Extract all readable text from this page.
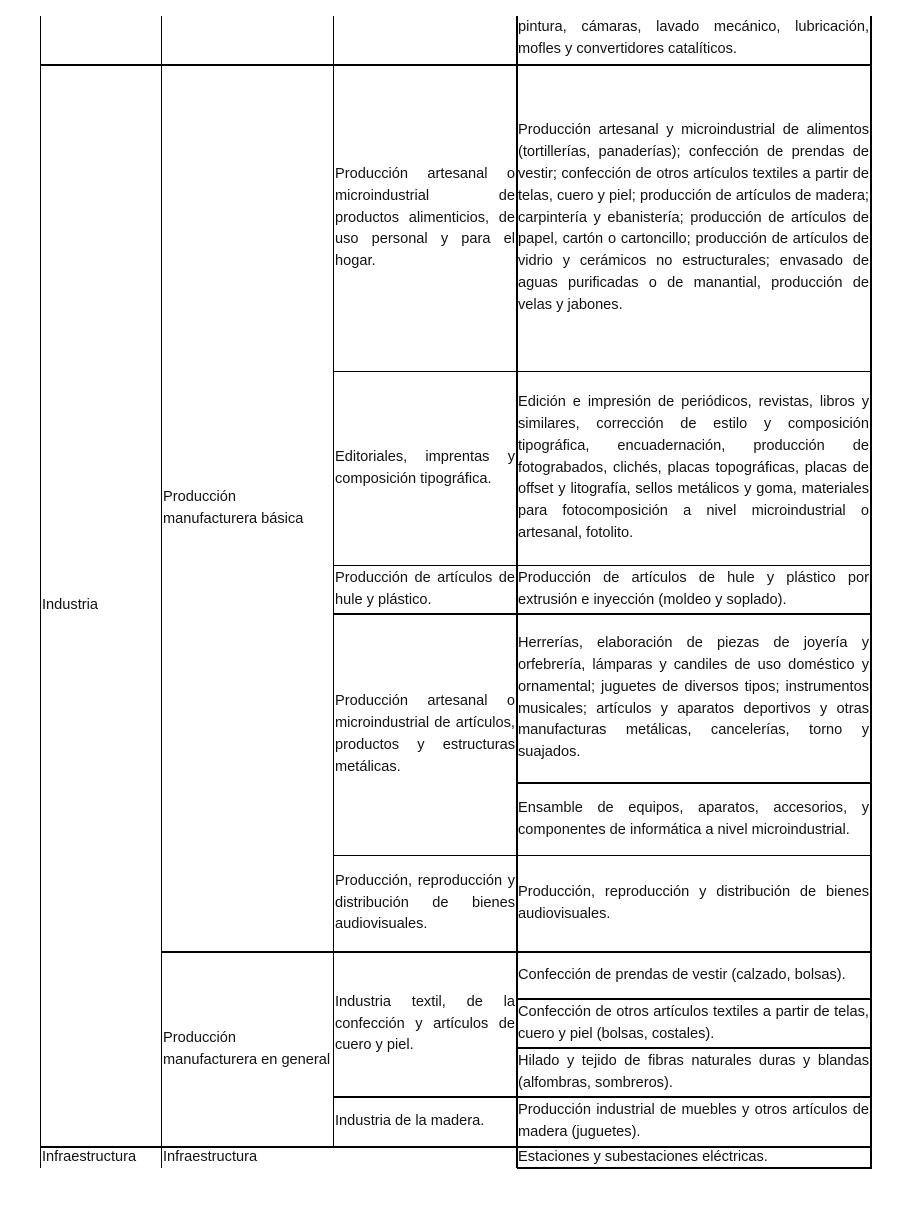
pintura, cámaras, lavado mecánico, lubricación, mofles y convertidores catalíticos.
Industria
Producción manufacturera básica
Producción artesanal o microindustrial de productos alimenticios, de uso personal y para el hogar.
Producción artesanal y microindustrial de alimentos (tortillerías, panaderías); confección de prendas de vestir; confección de otros artículos textiles a partir de telas, cuero y piel; producción de artículos de madera; carpintería y ebanistería; producción de artículos de papel, cartón o cartoncillo; producción de artículos de vidrio y cerámicos no estructurales; envasado de aguas purificadas o de manantial, producción de velas y jabones.
Editoriales, imprentas y composición tipográfica.
Edición e impresión de periódicos, revistas, libros y similares, corrección de estilo y composición tipográfica, encuadernación, producción de fotograbados, clichés, placas topográficas, placas de offset y litografía, sellos metálicos y goma, materiales para fotocomposición a nivel microindustrial o artesanal, fotolito.
Producción de artículos de hule y plástico.
Producción de artículos de hule y plástico por extrusión e inyección (moldeo y soplado).
Producción artesanal o microindustrial de artículos, productos y estructuras metálicas.
Herrerías, elaboración de piezas de joyería y orfebrería, lámparas y candiles de uso doméstico y ornamental; juguetes de diversos tipos; instrumentos musicales; artículos y aparatos deportivos y otras manufacturas metálicas, cancelerías, torno y suajados.
Ensamble de equipos, aparatos, accesorios, y componentes de informática a nivel microindustrial.
Producción, reproducción y distribución de bienes audiovisuales.
Producción, reproducción y distribución de bienes audiovisuales.
Producción manufacturera en general
Industria textil, de la confección y artículos de cuero y piel.
Confección de prendas de vestir (calzado, bolsas).
Confección de otros artículos textiles a partir de telas, cuero y piel (bolsas, costales).
Hilado y tejido de fibras naturales duras y blandas (alfombras, sombreros).
Industria de la madera.
Producción industrial de muebles y otros artículos de madera (juguetes).
Infraestructura	Infraestructura	Estaciones y subestaciones eléctricas.
